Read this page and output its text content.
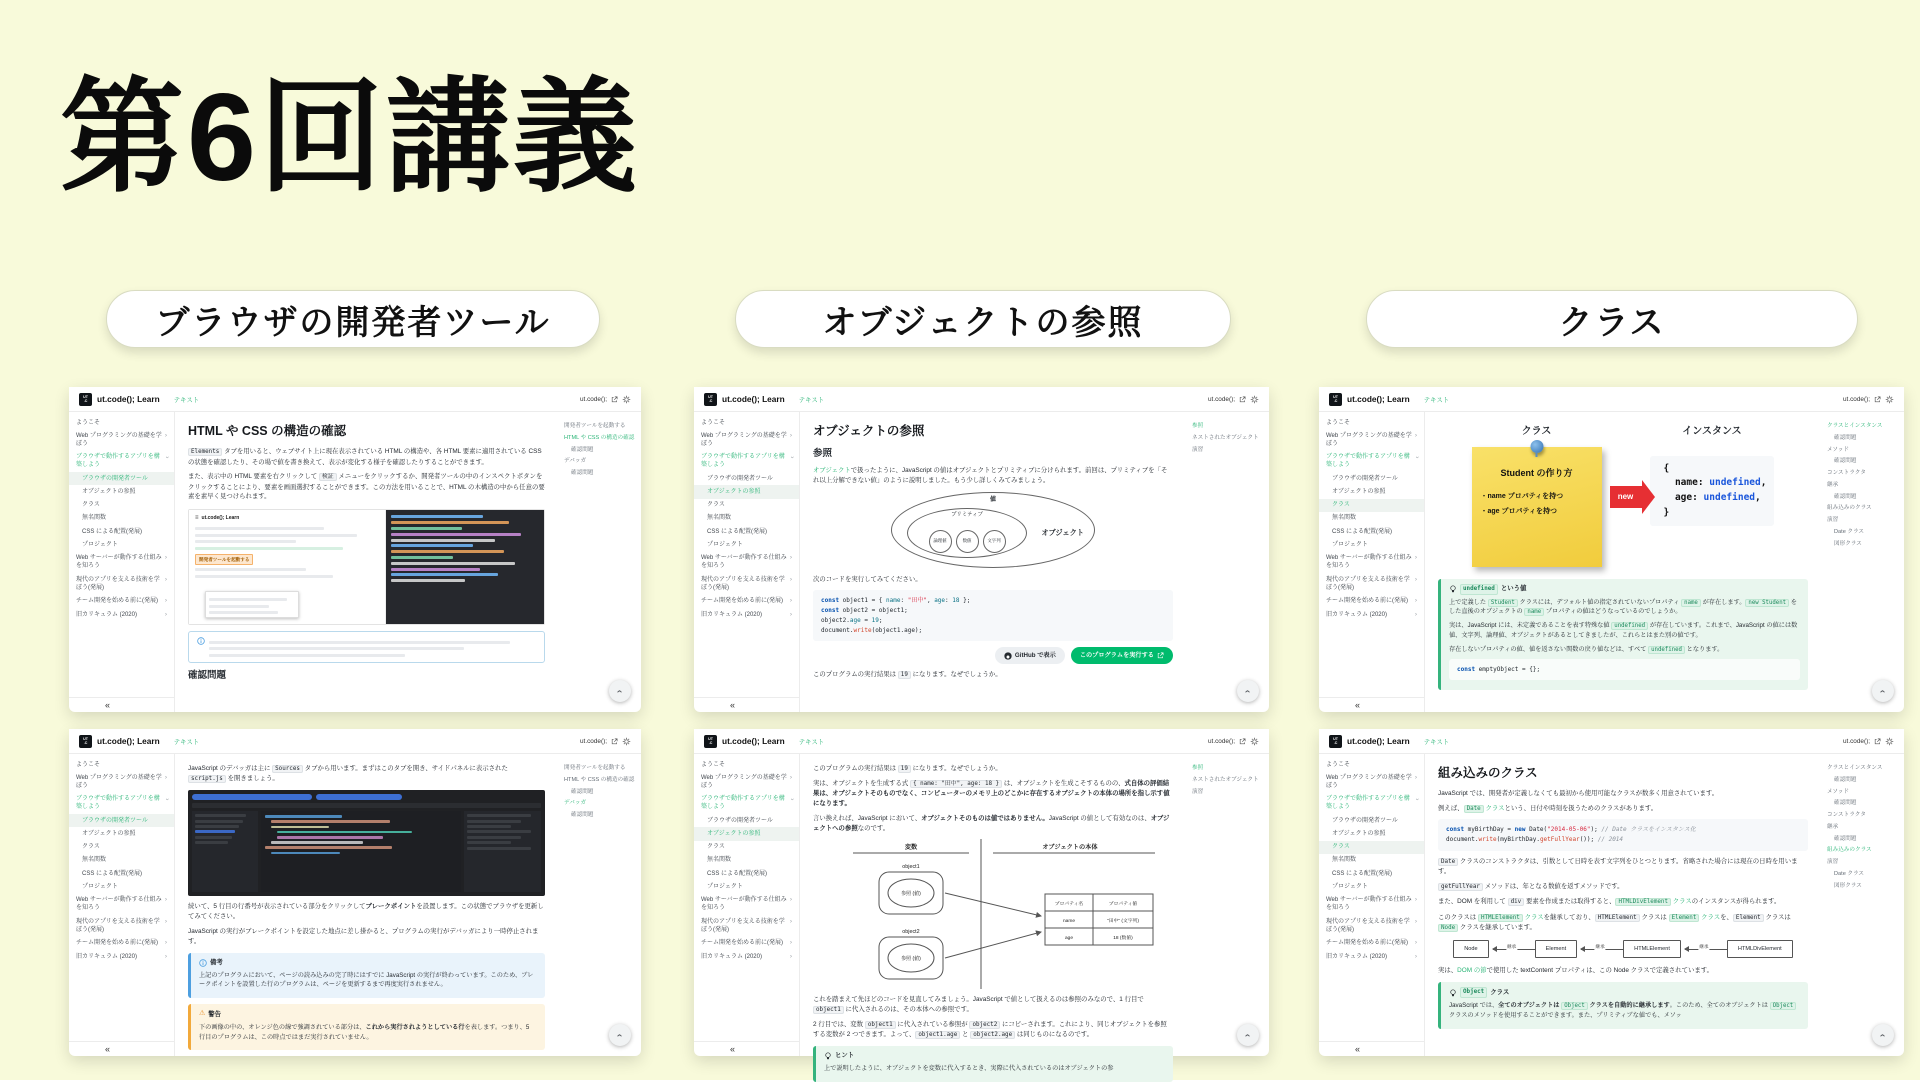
第6回講義
ブラウザの開発者ツール	オブジェクトの参照	クラス
UT
.C ut.code(); Learn テキスト	ut.code();
ようこそ
Web プログラミングの基礎を学ぼう
›
ブラウザで動作するアプリを構築しよう
›
ブラウザの開発者ツール
オブジェクトの参照
クラス
無名関数
CSS による配置(発展)
プロジェクト
Web サーバーが動作する仕組みを知ろう
›
現代のアプリを支える技術を学ぼう(発展)
›
チーム開発を始める前に(発展)	›
旧カリキュラム (2020)	›
«
HTML や CSS の構造の確認

Elements タブを用いると、ウェブサイト上に現在表示されている HTML の構造や、各 HTML 要素に適用されている CSS の状態を確認したり、その場で値を書き換えて、表示が変化する様子を確認したりすることができます。

また、表示中の HTML 要素を右クリックして 検証 メニューをクリックするか、開発者ツールの中のインスペクトボタンをクリックすることにより、要素を画面選択することができます。この方法を用いることで、HTML の木構造の中から任意の要素を素早く見つけられます。

≡ ut.code(); Learn
開発者ツールを起動する
確認問題
開発者ツールを起動する
HTML や CSS の構造の確認
確認問題
デバッガ
確認問題
›
UT
.C ut.code(); Learn テキスト	ut.code();
ようこそ
Web プログラミングの基礎を学ぼう
›
ブラウザで動作するアプリを構築しよう
›
ブラウザの開発者ツール
オブジェクトの参照
クラス
無名関数
CSS による配置(発展)
プロジェクト
Web サーバーが動作する仕組みを知ろう
›
現代のアプリを支える技術を学ぼう(発展)
›
チーム開発を始める前に(発展)	›
旧カリキュラム (2020)	›
«
オブジェクトの参照
参照

オブジェクトで扱ったように、JavaScript の値はオブジェクトとプリミティブに分けられます。前回は、プリミティブを「それ以上分解できない値」のように説明しました。もう少し詳しくみてみましょう。

値
プリミティブ
論理値	数値	文字列
オブジェクト

次のコードを実行してみてください。

const object1 = { name: "田中", age: 18 };
const object2 = object1;
object2.age = 19;
document.write(object1.age);
GitHub で表示	このプログラムを実行する

このプログラムの実行結果は 19 になります。なぜでしょうか。

参照
ネストされたオブジェクト
演習
›
UT
.C ut.code(); Learn テキスト	ut.code();
ようこそ
Web プログラミングの基礎を学ぼう
›
ブラウザで動作するアプリを構築しよう
›
ブラウザの開発者ツール
オブジェクトの参照
クラス
無名関数
CSS による配置(発展)
プロジェクト
Web サーバーが動作する仕組みを知ろう
›
現代のアプリを支える技術を学ぼう(発展)
›
チーム開発を始める前に(発展)	›
旧カリキュラム (2020)	›
«
クラス
Student の作り方
・name プロパティを持つ
・age プロパティを持つ
new
インスタンス
{
name: undefined,
age: undefined,
}
undefined という値

上で定義した Student クラスには、デフォルト値の指定されていないプロパティ name が存在します。 new Student をした直後のオブジェクトの name プロパティの値はどうなっているのでしょうか。

実は、JavaScript には、未定義であることを表す特殊な値 undefined が存在しています。これまで、JavaScript の値には数値、文字列、論理値、オブジェクトがあるとしてきましたが、これらとはまた別の値です。

存在しないプロパティの値、値を返さない関数の戻り値などは、すべて undefined となります。

const emptyObject = {};
クラスとインスタンス
確認問題
メソッド
確認問題
コンストラクタ
継承
確認問題
組み込みのクラス
演習
Date クラス
図形クラス
›
UT
.C ut.code(); Learn テキスト	ut.code();
ようこそ
Web プログラミングの基礎を学ぼう
›
ブラウザで動作するアプリを構築しよう
›
ブラウザの開発者ツール
オブジェクトの参照
クラス
無名関数
CSS による配置(発展)
プロジェクト
Web サーバーが動作する仕組みを知ろう
›
現代のアプリを支える技術を学ぼう(発展)
›
チーム開発を始める前に(発展)	›
旧カリキュラム (2020)	›
«

JavaScript のデバッガは主に Sources タブから用います。まずはこのタブを開き、サイドパネルに表示された script.js を開きましょう。

続いて、5 行目の行番号が表示されている部分をクリックしてブレークポイントを設置します。この状態でブラウザを更新してみてください。

JavaScript の実行がブレークポイントを設定した地点に差し掛かると、プログラムの実行がデバッガにより一時停止されます。

備考

上記のプログラムにおいて、ページの読み込みの完了時にはすでに JavaScript の実行が終わっています。このため、ブレークポイントを設置した行のプログラムは、ページを更新するまで再度実行されません。

⚠ 警告

下の画像の中の、オレンジ色の線で強調されている部分は、これから実行されようとしている行を表します。つまり、5 行目のプログラムは、この時点ではまだ実行されていません。

開発者ツールを起動する
HTML や CSS の構造の確認
確認問題
デバッガ
確認問題
›
UT
.C ut.code(); Learn テキスト	ut.code();
ようこそ
Web プログラミングの基礎を学ぼう
›
ブラウザで動作するアプリを構築しよう
›
ブラウザの開発者ツール
オブジェクトの参照
クラス
無名関数
CSS による配置(発展)
プロジェクト
Web サーバーが動作する仕組みを知ろう
›
現代のアプリを支える技術を学ぼう(発展)
›
チーム開発を始める前に(発展)	›
旧カリキュラム (2020)	›
«

このプログラムの実行結果は 19 になります。なぜでしょうか。

実は、オブジェクトを生成する式 { name: "田中", age: 18 } は、オブジェクトを生成こそするものの、式自体の評価結果は、オブジェクトそのものでなく、コンピューターのメモリ上のどこかに存在するオブジェクトの本体の場所を指し示す値になります。

言い換えれば、JavaScript において、オブジェクトそのものは値ではありません。JavaScript の値として有効なのは、オブジェクトへの参照なのです。

変数	オブジェクトの本体
object1
参照 (値)
object2
参照 (値)
プロパティ名	プロパティ値
name	"田中" (文字列)
age	18 (数値)

これを踏まえて先ほどのコードを見直してみましょう。JavaScript で値として扱えるのは参照のみなので、1 行目で object1 に代入されるのは、その本体への参照です。

2 行目では、変数 object1 に代入されている参照が object2 にコピーされます。これにより、同じオブジェクトを参照する変数が 2 つできます。よって、 object1.age と object2.age は同じものになるのです。

ヒント

上で説明したように、オブジェクトを変数に代入するとき、実際に代入されているのはオブジェクトの参

参照
ネストされたオブジェクト
演習
›
UT
.C ut.code(); Learn テキスト	ut.code();
ようこそ
Web プログラミングの基礎を学ぼう
›
ブラウザで動作するアプリを構築しよう
›
ブラウザの開発者ツール
オブジェクトの参照
クラス
無名関数
CSS による配置(発展)
プロジェクト
Web サーバーが動作する仕組みを知ろう
›
現代のアプリを支える技術を学ぼう(発展)
›
チーム開発を始める前に(発展)	›
旧カリキュラム (2020)	›
«
組み込みのクラス

JavaScript では、開発者が定義しなくても最初から使用可能なクラスが数多く用意されています。

例えば、 Date クラスという、日付や時刻を扱うためのクラスがあります。

const myBirthDay = new Date("2014-05-06"); // Date クラスをインスタンス化
document.write(myBirthDay.getFullYear()); // 2014

Date クラスのコンストラクタは、引数として日時を表す文字列をひとつとります。省略された場合には現在の日時を用います。

getFullYear メソッドは、年となる数値を返すメソッドです。

また、DOM を利用して div 要素を作成または取得すると、 HTMLDivElement クラスのインスタンスが得られます。

このクラスは HTMLElement クラスを継承しており、 HTMLElement クラスは Element クラスを、 Element クラスは Node クラスを継承しています。

Node	継承	Element	継承	HTMLElement	継承	HTMLDivElement

実は、DOM の節で使用した textContent プロパティは、この Node クラスで定義されています。

Object クラス

JavaScript では、全てのオブジェクトは Object クラスを自動的に継承します。このため、全てのオブジェクトは Object クラスのメソッドを使用することができます。また、プリミティブな値でも、メソッ

クラスとインスタンス
確認問題
メソッド
確認問題
コンストラクタ
継承
確認問題
組み込みのクラス
演習
Date クラス
図形クラス
›
